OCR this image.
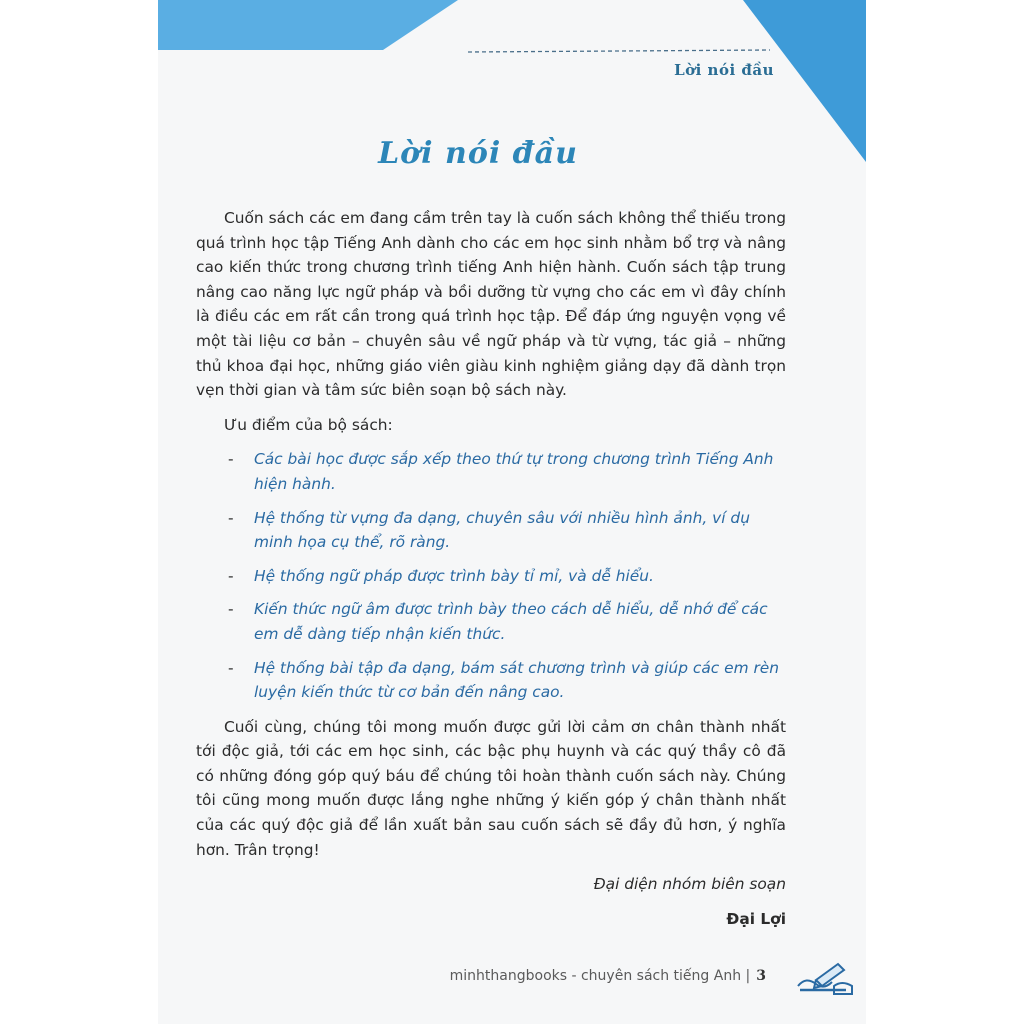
Lời nói đầu
Lời nói đầu

Cuốn sách các em đang cầm trên tay là cuốn sách không thể thiếu trong quá trình học tập Tiếng Anh dành cho các em học sinh nhằm bổ trợ và nâng cao kiến thức trong chương trình tiếng Anh hiện hành. Cuốn sách tập trung nâng cao năng lực ngữ pháp và bồi dưỡng từ vựng cho các em vì đây chính là điều các em rất cần trong quá trình học tập. Để đáp ứng nguyện vọng về một tài liệu cơ bản – chuyên sâu về ngữ pháp và từ vựng, tác giả – những thủ khoa đại học, những giáo viên giàu kinh nghiệm giảng dạy đã dành trọn vẹn thời gian và tâm sức biên soạn bộ sách này.

Ưu điểm của bộ sách:

- Các bài học được sắp xếp theo thứ tự trong chương trình Tiếng Anh hiện hành.
- Hệ thống từ vựng đa dạng, chuyên sâu với nhiều hình ảnh, ví dụ minh họa cụ thể, rõ ràng.
- Hệ thống ngữ pháp được trình bày tỉ mỉ, và dễ hiểu.
- Kiến thức ngữ âm được trình bày theo cách dễ hiểu, dễ nhớ để các em dễ dàng tiếp nhận kiến thức.
- Hệ thống bài tập đa dạng, bám sát chương trình và giúp các em rèn luyện kiến thức từ cơ bản đến nâng cao.

Cuối cùng, chúng tôi mong muốn được gửi lời cảm ơn chân thành nhất tới độc giả, tới các em học sinh, các bậc phụ huynh và các quý thầy cô đã có những đóng góp quý báu để chúng tôi hoàn thành cuốn sách này. Chúng tôi cũng mong muốn được lắng nghe những ý kiến góp ý chân thành nhất của các quý độc giả để lần xuất bản sau cuốn sách sẽ đầy đủ hơn, ý nghĩa hơn. Trân trọng!

Đại diện nhóm biên soạn

Đại Lợi

minhthangbooks - chuyên sách tiếng Anh | 3
